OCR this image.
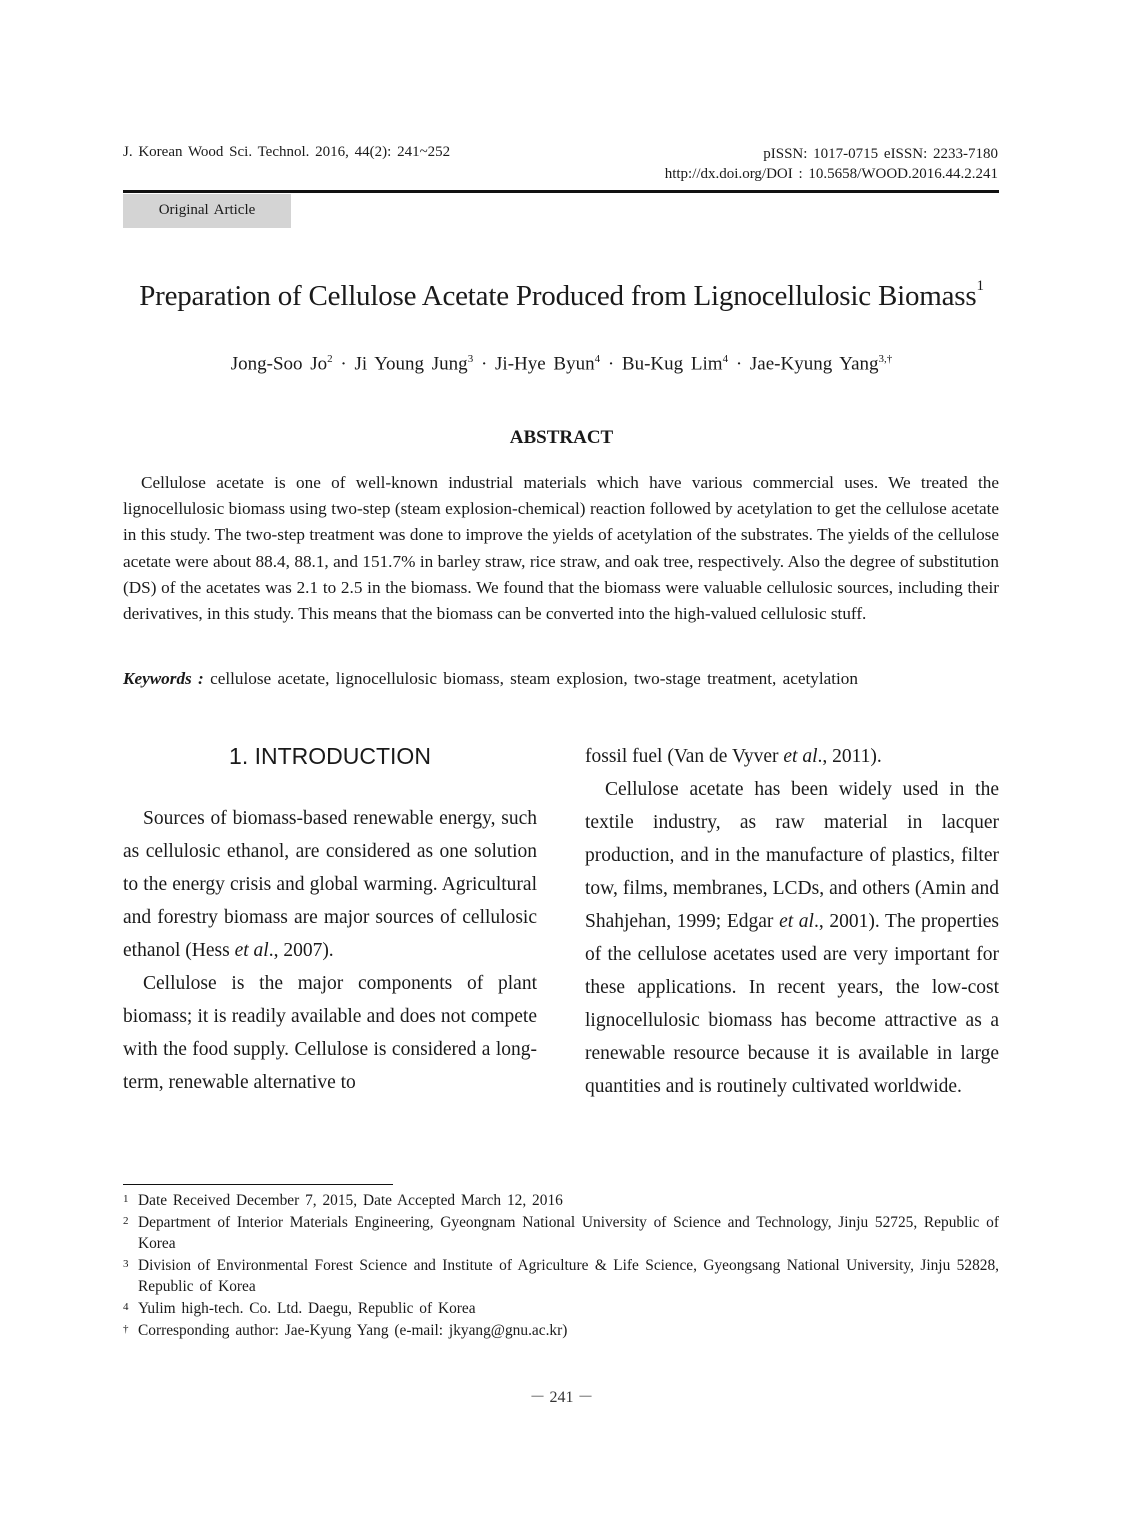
J. Korean Wood Sci. Technol. 2016, 44(2): 241~252	pISSN: 1017-0715 eISSN: 2233-7180
http://dx.doi.org/DOI : 10.5658/WOOD.2016.44.2.241
Original Article
Preparation of Cellulose Acetate Produced from Lignocellulosic Biomass$^1$
Jong-Soo $Jo^2 \cdot Ji$ Young Jung$^3$ · Ji-Hye Byun$^4$ · Bu-Kug Lim$^4$ · Jae-Kyung Yang$^{3,\dagger}$
ABSTRACT
Cellulose acetate is one of well-known industrial materials which have various commercial uses. We treated the lignocellulosic biomass using two-step (steam explosion-chemical) reaction followed by acetylation to get the cellulose acetate in this study. The two-step treatment was done to improve the yields of acetylation of the substrates. The yields of the cellulose acetate were about 88.4, 88.1, and 151.7% in barley straw, rice straw, and oak tree, respectively. Also the degree of substitution (DS) of the acetates was 2.1 to 2.5 in the biomass. We found that the biomass were valuable cellulosic sources, including their derivatives, in this study. This means that the biomass can be converted into the high-valued cellulosic stuff.
Keywords : cellulose acetate, lignocellulosic biomass, steam explosion, two-stage treatment, acetylation
1. INTRODUCTION

Sources of biomass-based renewable energy, such as cellulosic ethanol, are considered as one solution to the energy crisis and global warming. Agricultural and forestry biomass are major sources of cellulosic ethanol (Hess et al., 2007).

Cellulose is the major components of plant biomass; it is readily available and does not compete with the food supply. Cellulose is considered a long-term, renewable alternative to

fossil fuel (Van de Vyver et al., 2011).

Cellulose acetate has been widely used in the textile industry, as raw material in lacquer production, and in the manufacture of plastics, filter tow, films, membranes, LCDs, and others (Amin and Shahjehan, 1999; Edgar et al., 2001). The properties of the cellulose acetates used are very important for these applications. In recent years, the low-cost lignocellulosic biomass has become attractive as a renewable resource because it is available in large quantities and is routinely cultivated worldwide.

1 Date Received December 7, 2015, Date Accepted March 12, 2016
2 Department of Interior Materials Engineering, Gyeongnam National University of Science and Technology, Jinju 52725, Republic of Korea
3 Division of Environmental Forest Science and Institute of Agriculture & Life Science, Gyeongsang National University, Jinju 52828, Republic of Korea
4 Yulim high-tech. Co. Ltd. Daegu, Republic of Korea
† Corresponding author: Jae-Kyung Yang (e-mail: jkyang@gnu.ac.kr)
－ 241 －
